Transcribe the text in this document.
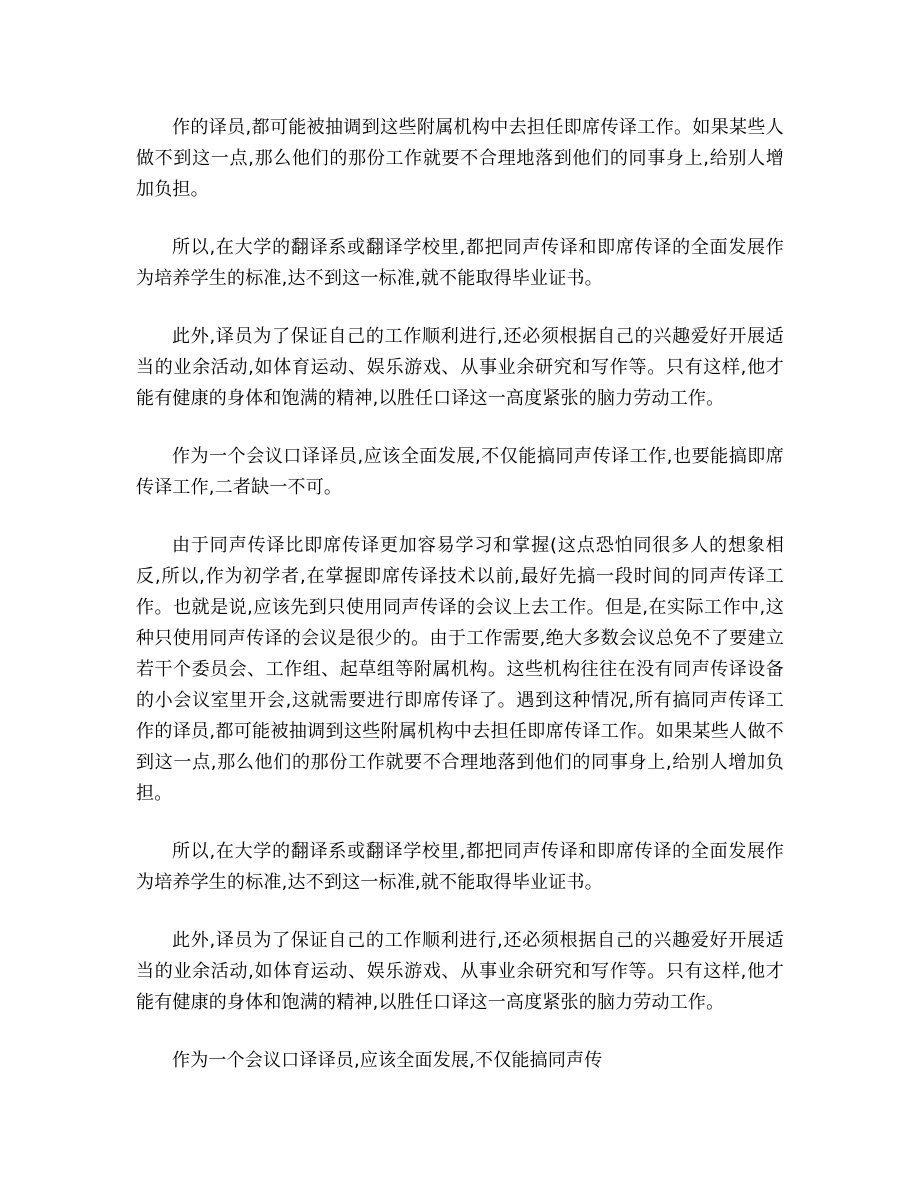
作的译员,都可能被抽调到这些附属机构中去担任即席传译工作。如果某些人做不到这一点,那么他们的那份工作就要不合理地落到他们的同事身上,给别人增加负担。

所以,在大学的翻译系或翻译学校里,都把同声传译和即席传译的全面发展作为培养学生的标准,达不到这一标准,就不能取得毕业证书。

此外,译员为了保证自己的工作顺利进行,还必须根据自己的兴趣爱好开展适当的业余活动,如体育运动、娱乐游戏、从事业余研究和写作等。只有这样,他才能有健康的身体和饱满的精神,以胜任口译这一高度紧张的脑力劳动工作。

作为一个会议口译译员,应该全面发展,不仅能搞同声传译工作,也要能搞即席传译工作,二者缺一不可。

由于同声传译比即席传译更加容易学习和掌握(这点恐怕同很多人的想象相反,所以,作为初学者,在掌握即席传译技术以前,最好先搞一段时间的同声传译工作。也就是说,应该先到只使用同声传译的会议上去工作。但是,在实际工作中,这种只使用同声传译的会议是很少的。由于工作需要,绝大多数会议总免不了要建立若干个委员会、工作组、起草组等附属机构。这些机构往往在没有同声传译设备的小会议室里开会,这就需要进行即席传译了。遇到这种情况,所有搞同声传译工作的译员,都可能被抽调到这些附属机构中去担任即席传译工作。如果某些人做不到这一点,那么他们的那份工作就要不合理地落到他们的同事身上,给别人增加负担。

所以,在大学的翻译系或翻译学校里,都把同声传译和即席传译的全面发展作为培养学生的标准,达不到这一标准,就不能取得毕业证书。

此外,译员为了保证自己的工作顺利进行,还必须根据自己的兴趣爱好开展适当的业余活动,如体育运动、娱乐游戏、从事业余研究和写作等。只有这样,他才能有健康的身体和饱满的精神,以胜任口译这一高度紧张的脑力劳动工作。

作为一个会议口译译员,应该全面发展,不仅能搞同声传
